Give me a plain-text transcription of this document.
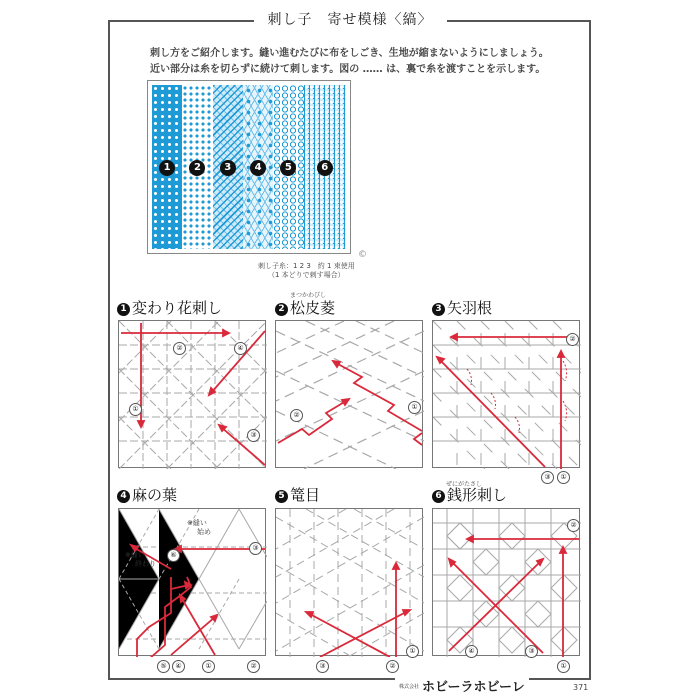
刺し子　寄せ模様〈縞〉
刺し方をご紹介します。縫い進むたびに布をしごき、生地が縮まないようにしましょう。
近い部分は糸を切らずに続けて刺します。図の …… は、裏で糸を渡すことを示します。
1	2	3	4	5	6
©
刺し子糸：1 2 3　約 1 束使用
（1 本どりで刺す場合）
1 変わり花刺し
まつかわびし
2 松皮菱	3 矢羽根
①
②
③
④
②
①
②
③	①
4 麻の葉	5 篭目
ぜにがたさし
6 銭形刺し
※縫い
始め
※縫い
終わり
⑥
③
⑤	④	①	②
①
②
③
②
③
④
①
$^{株式会社}$ ホビーラホビーレ	371
